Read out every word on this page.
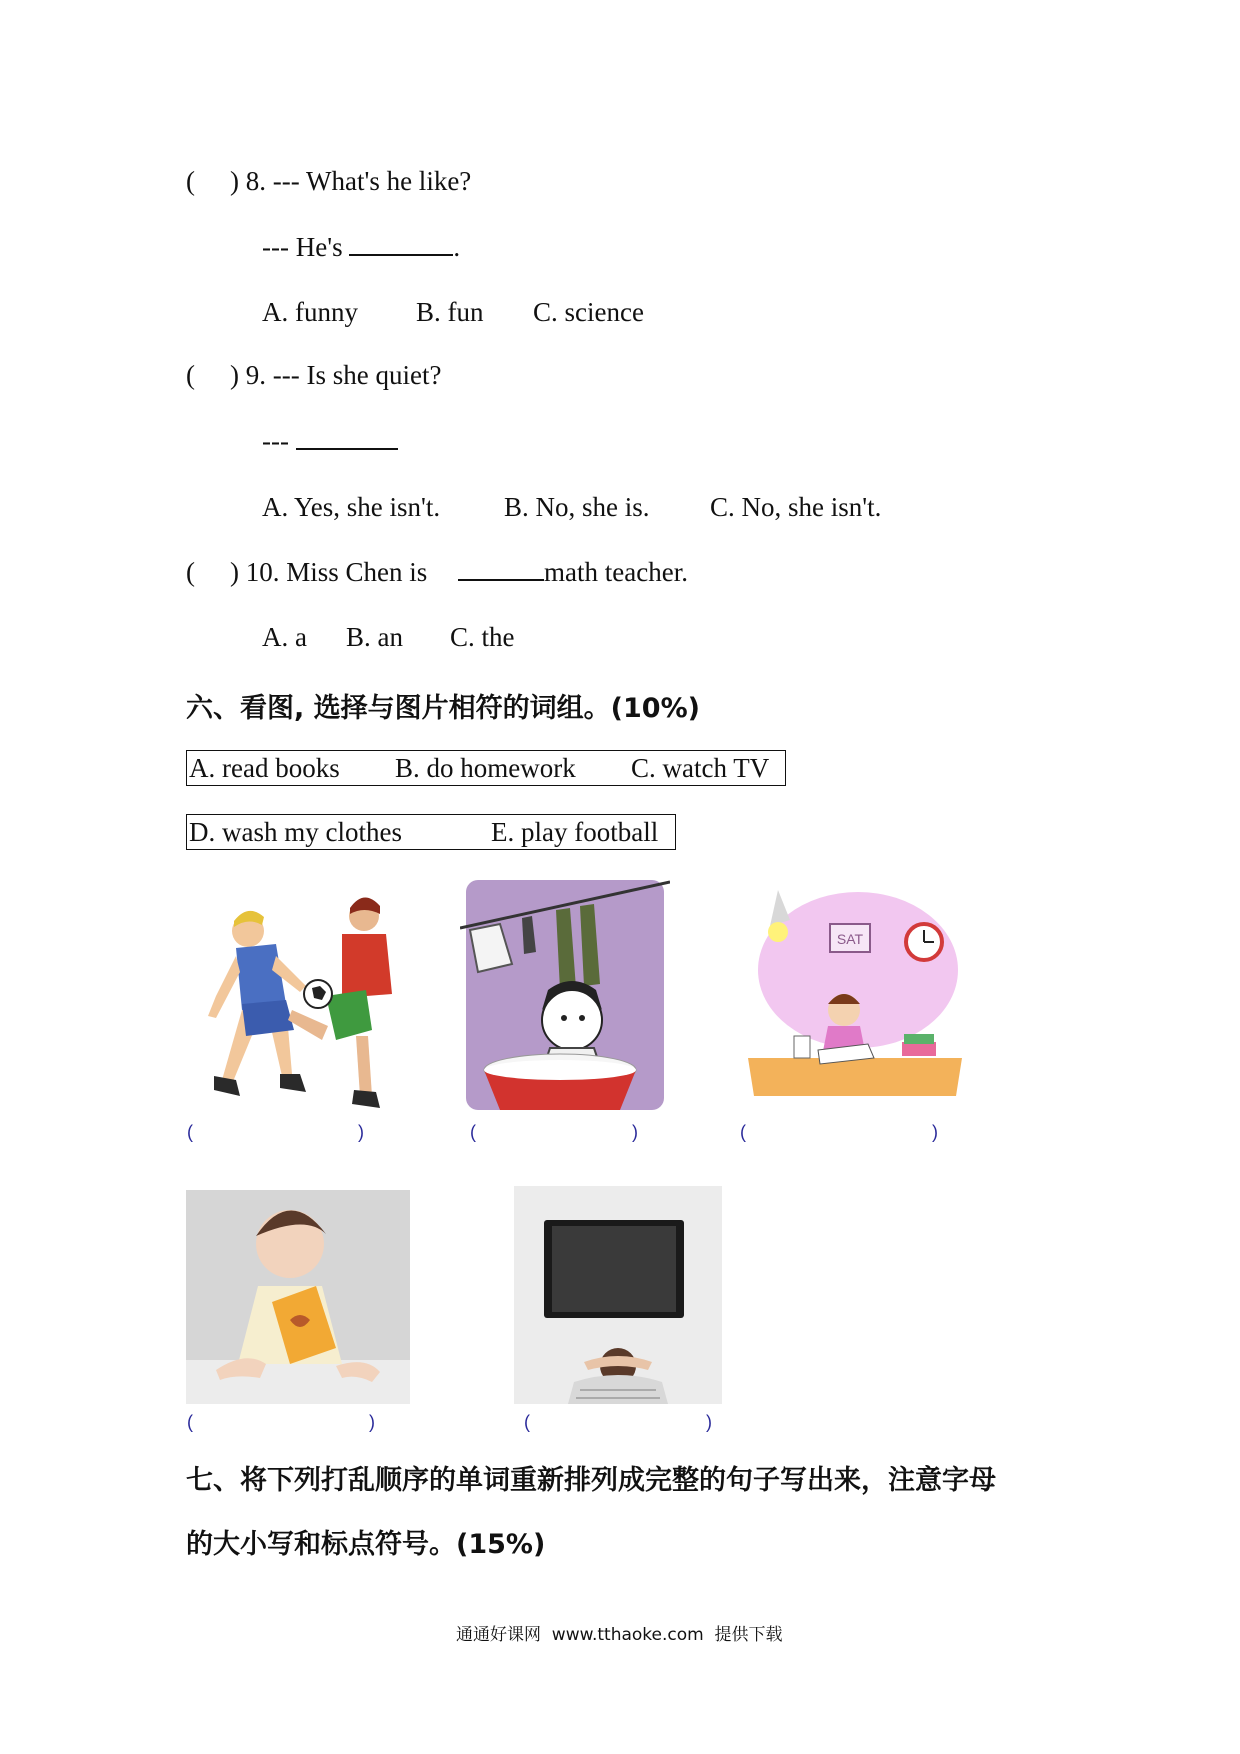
( ) 8. --- What's he like?
--- He's	.
A. funny B. fun C. science
( ) 9. --- Is she quiet?
---
A. Yes, she isn't. B. No, she is. C. No, she isn't.
( ) 10. Miss Chen is	math teacher.
A. a B. an C. the
六、看图, 选择与图片相符的词组。(10%)
A. read books B. do homework C. watch TV
D. wash my clothes	E. play football
SAT
(	)	(	)	(	)
(	)	(	)
七、将下列打乱顺序的单词重新排列成完整的句子写出来，注意字母
的大小写和标点符号。(15%)
通通好课网  www.tthaoke.com  提供下载
